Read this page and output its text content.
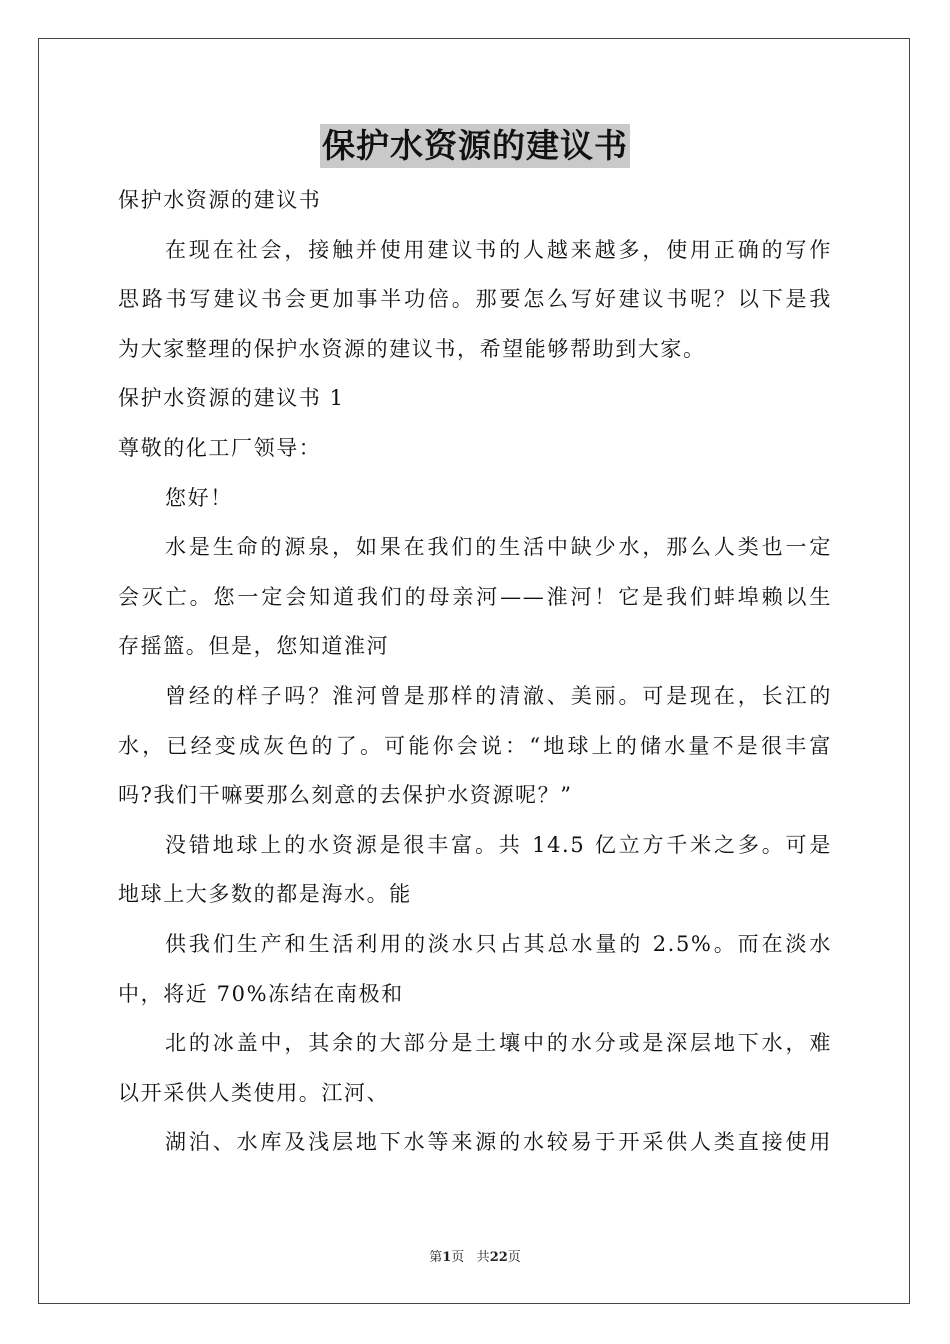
保护水资源的建议书
保护水资源的建议书
在现在社会，接触并使用建议书的人越来越多，使用正确的写作
思路书写建议书会更加事半功倍。那要怎么写好建议书呢？以下是我
为大家整理的保护水资源的建议书，希望能够帮助到大家。
保护水资源的建议书 1
尊敬的化工厂领导：
您好！
水是生命的源泉，如果在我们的生活中缺少水，那么人类也一定
会灭亡。您一定会知道我们的母亲河——淮河！它是我们蚌埠赖以生
存摇篮。但是，您知道淮河
曾经的样子吗？淮河曾是那样的清澈、美丽。可是现在，长江的
水，已经变成灰色的了。可能你会说：“地球上的储水量不是很丰富
吗?我们干嘛要那么刻意的去保护水资源呢？”
没错地球上的水资源是很丰富。共 14.5 亿立方千米之多。可是
地球上大多数的都是海水。能
供我们生产和生活利用的淡水只占其总水量的 2.5%。而在淡水
中，将近 70%冻结在南极和
北的冰盖中，其余的大部分是土壤中的水分或是深层地下水，难
以开采供人类使用。江河、
湖泊、水库及浅层地下水等来源的水较易于开采供人类直接使用
第1页 共22页
